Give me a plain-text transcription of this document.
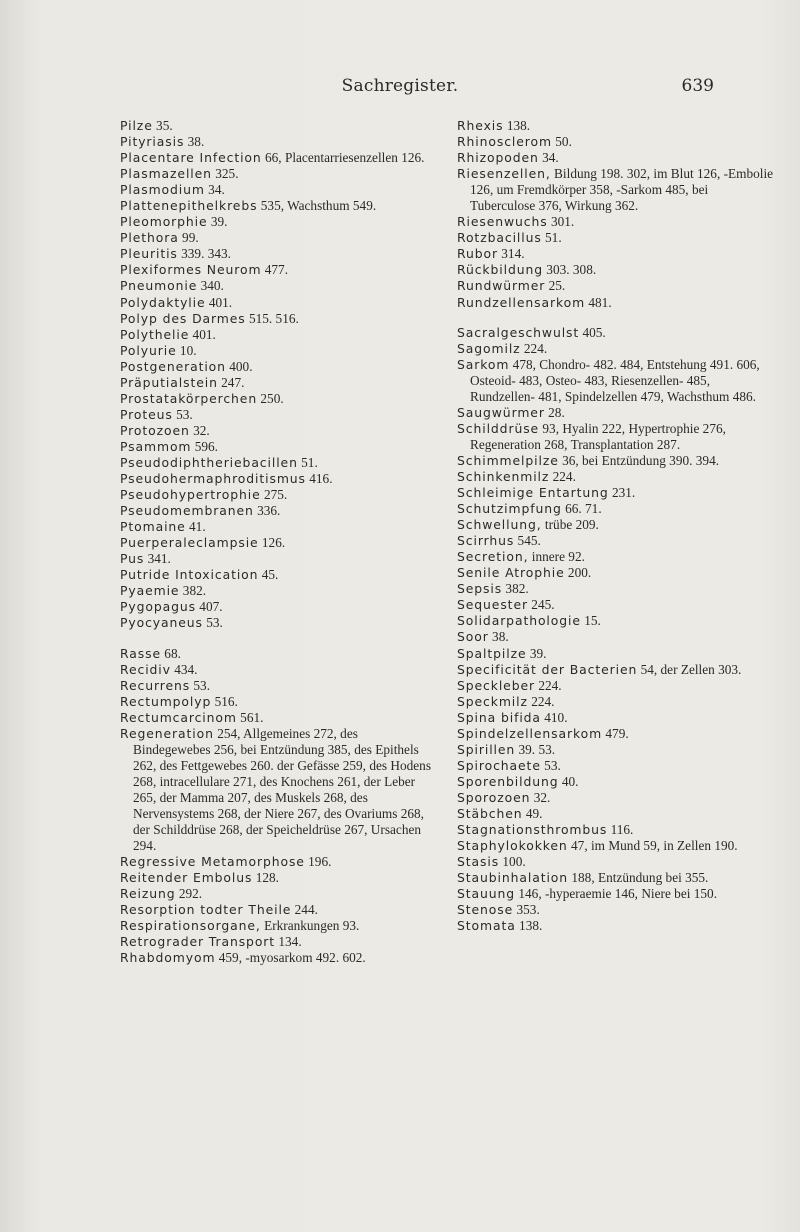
Sachregister.	639

Pilze 35.

Pityriasis 38.

Placentare Infection 66, Placentarriesenzellen 126.

Plasmazellen 325.

Plasmodium 34.

Plattenepithelkrebs 535, Wachsthum 549.

Pleomorphie 39.

Plethora 99.

Pleuritis 339. 343.

Plexiformes Neurom 477.

Pneumonie 340.

Polydaktylie 401.

Polyp des Darmes 515. 516.

Polythelie 401.

Polyurie 10.

Postgeneration 400.

Präputialstein 247.

Prostatakörperchen 250.

Proteus 53.

Protozoen 32.

Psammom 596.

Pseudodiphtheriebacillen 51.

Pseudohermaphroditismus 416.

Pseudohypertrophie 275.

Pseudomembranen 336.

Ptomaine 41.

Puerperaleclampsie 126.

Pus 341.

Putride Intoxication 45.

Pyaemie 382.

Pygopagus 407.

Pyocyaneus 53.

Rasse 68.

Recidiv 434.

Recurrens 53.

Rectumpolyp 516.

Rectumcarcinom 561.

Regeneration 254, Allgemeines 272, des Bindegewebes 256, bei Entzündung 385, des Epithels 262, des Fettgewebes 260. der Gefässe 259, des Hodens 268, intracellulare 271, des Knochens 261, der Leber 265, der Mamma 207, des Muskels 268, des Nervensystems 268, der Niere 267, des Ovariums 268, der Schilddrüse 268, der Speicheldrüse 267, Ursachen 294.

Regressive Metamorphose 196.

Reitender Embolus 128.

Reizung 292.

Resorption todter Theile 244.

Respirationsorgane, Erkrankungen 93.

Retrograder Transport 134.

Rhabdomyom 459, -myosarkom 492. 602.

Rhexis 138.

Rhinosclerom 50.

Rhizopoden 34.

Riesenzellen, Bildung 198. 302, im Blut 126, -Embolie 126, um Fremdkörper 358, -Sarkom 485, bei Tuberculose 376, Wirkung 362.

Riesenwuchs 301.

Rotzbacillus 51.

Rubor 314.

Rückbildung 303. 308.

Rundwürmer 25.

Rundzellensarkom 481.

Sacralgeschwulst 405.

Sagomilz 224.

Sarkom 478, Chondro- 482. 484, Entstehung 491. 606, Osteoid- 483, Osteo- 483, Riesenzellen- 485, Rundzellen- 481, Spindelzellen 479, Wachsthum 486.

Saugwürmer 28.

Schilddrüse 93, Hyalin 222, Hypertrophie 276, Regeneration 268, Transplantation 287.

Schimmelpilze 36, bei Entzündung 390. 394.

Schinkenmilz 224.

Schleimige Entartung 231.

Schutzimpfung 66. 71.

Schwellung, trübe 209.

Scirrhus 545.

Secretion, innere 92.

Senile Atrophie 200.

Sepsis 382.

Sequester 245.

Solidarpathologie 15.

Soor 38.

Spaltpilze 39.

Specificität der Bacterien 54, der Zellen 303.

Speckleber 224.

Speckmilz 224.

Spina bifida 410.

Spindelzellensarkom 479.

Spirillen 39. 53.

Spirochaete 53.

Sporenbildung 40.

Sporozoen 32.

Stäbchen 49.

Stagnationsthrombus 116.

Staphylokokken 47, im Mund 59, in Zellen 190.

Stasis 100.

Staubinhalation 188, Entzündung bei 355.

Stauung 146, -hyperaemie 146, Niere bei 150.

Stenose 353.

Stomata 138.
